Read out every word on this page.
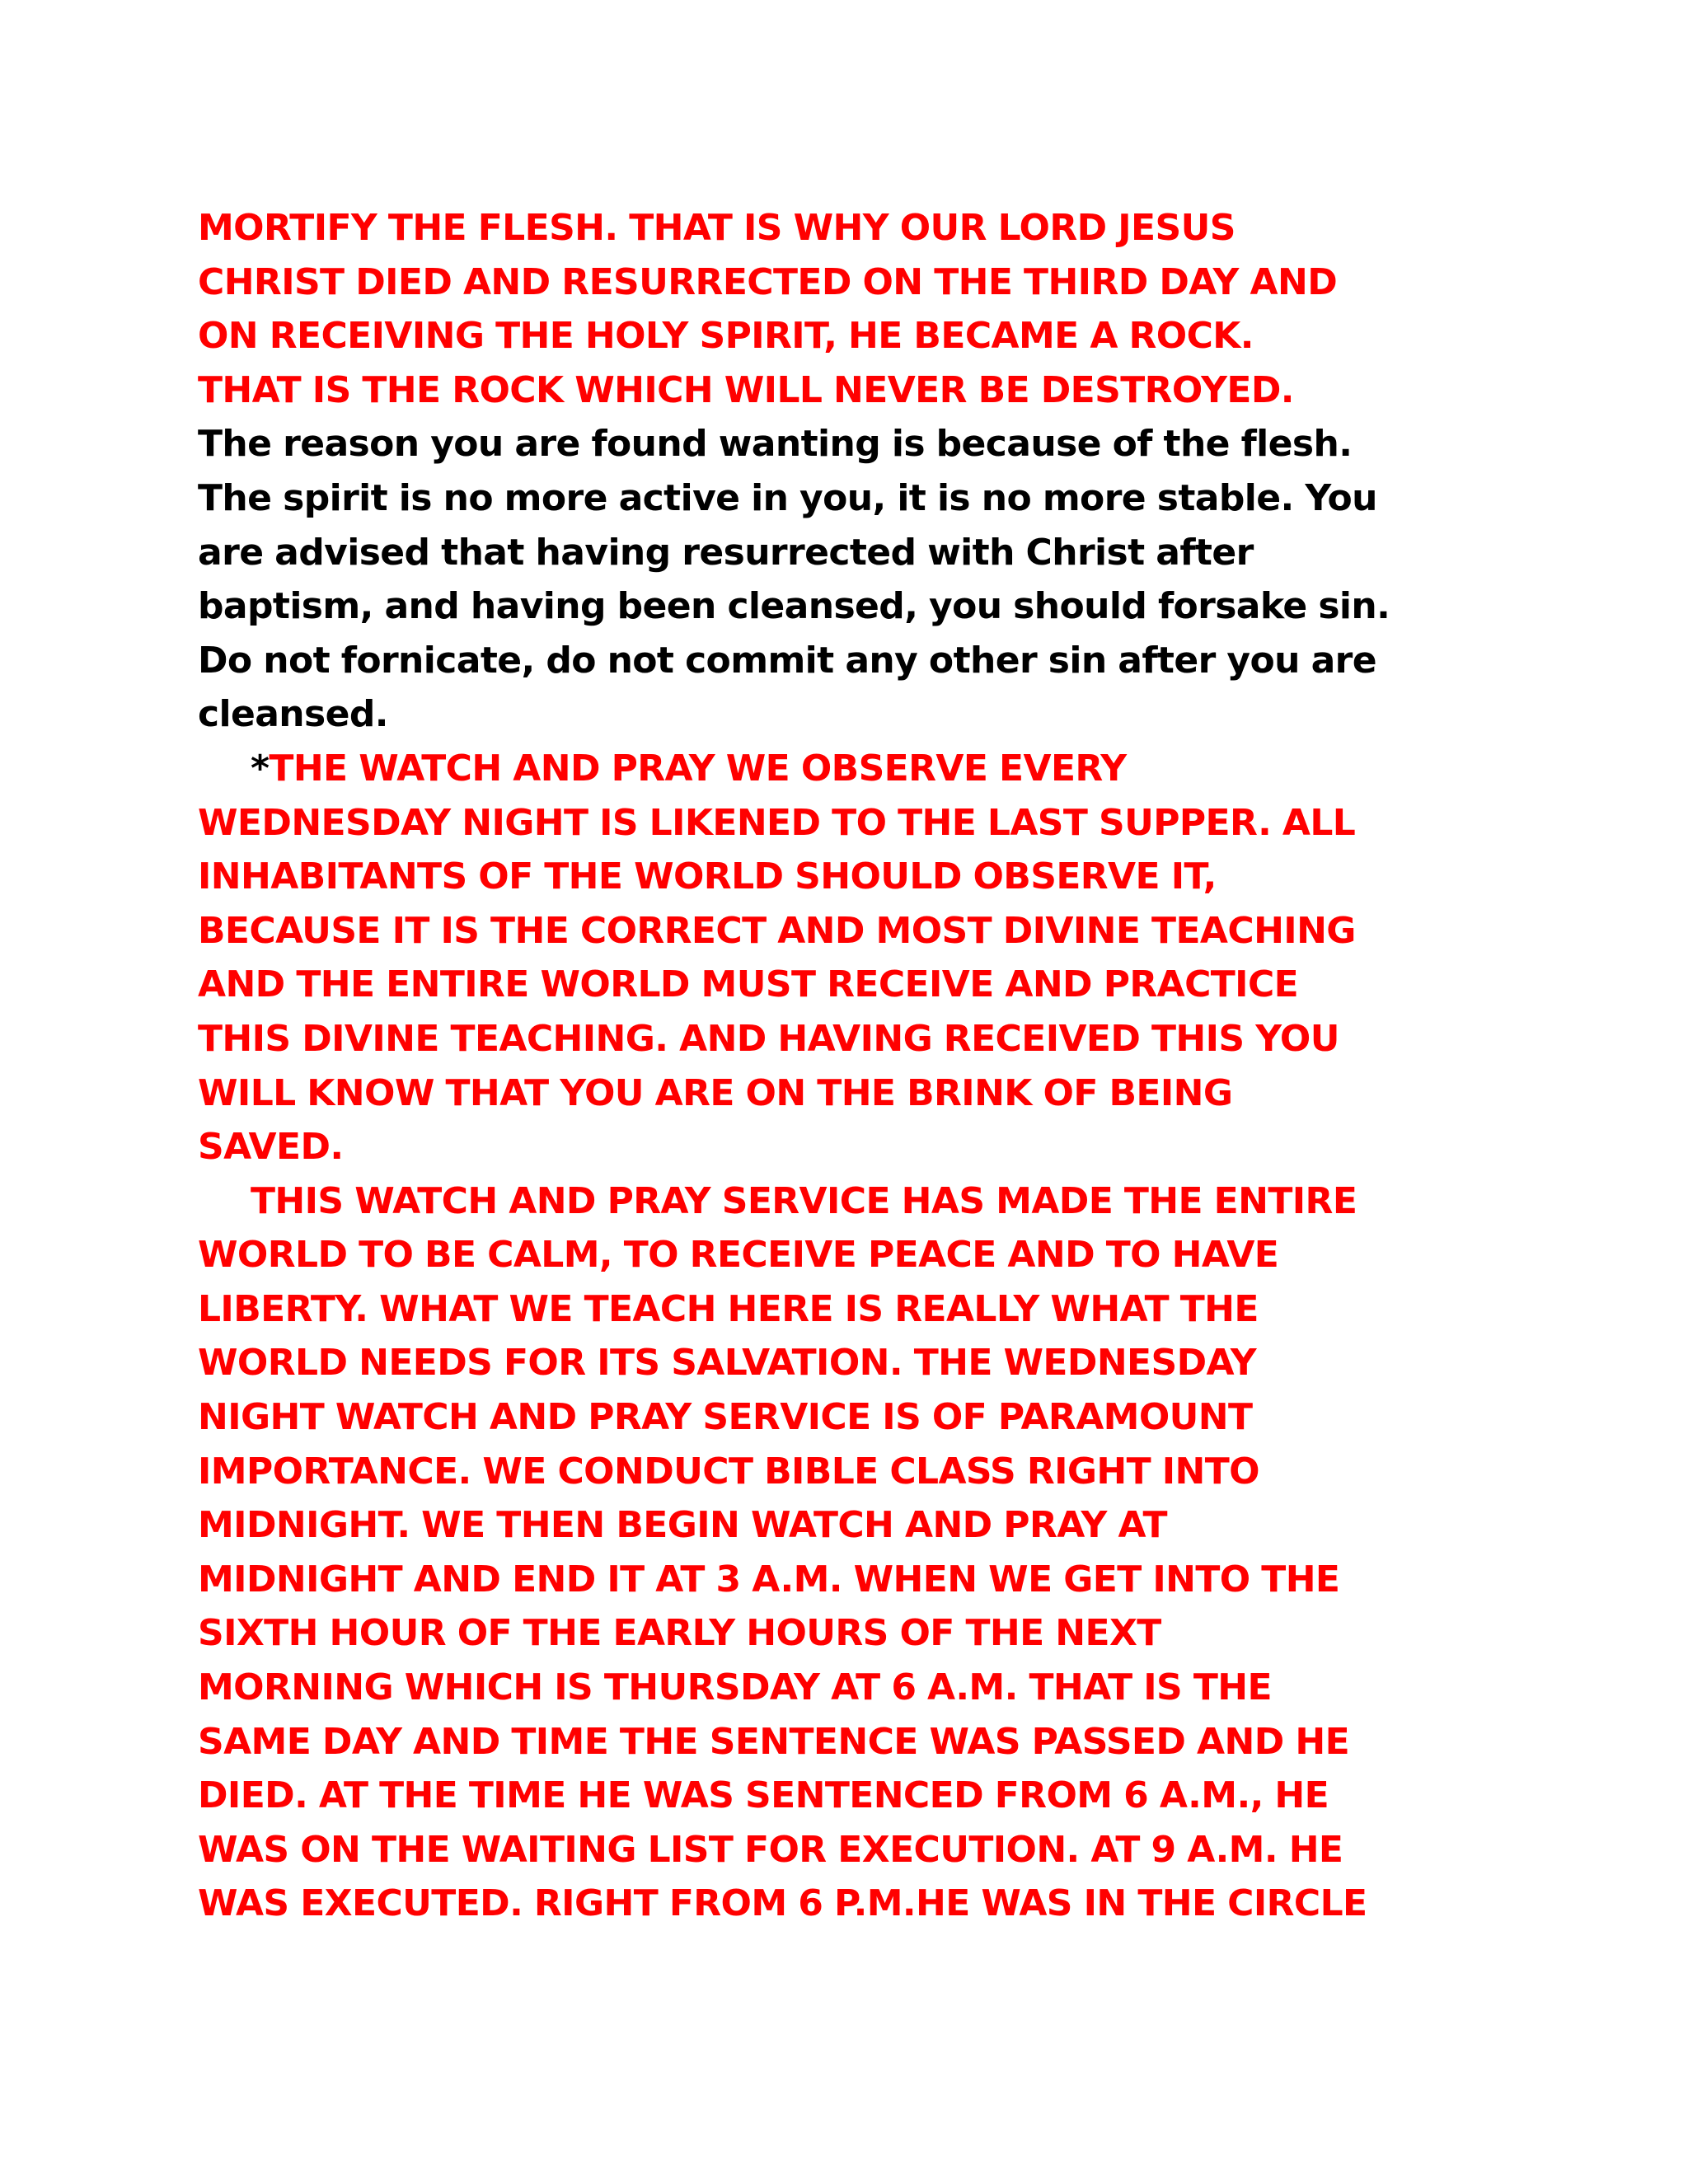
MORTIFY THE FLESH. THAT IS WHY OUR LORD JESUS
CHRIST DIED AND RESURRECTED ON THE THIRD DAY AND
ON RECEIVING THE HOLY SPIRIT, HE BECAME A ROCK.
THAT IS THE ROCK WHICH WILL NEVER BE DESTROYED.
The reason you are found wanting is because of the flesh.
The spirit is no more active in you, it is no more stable. You
are advised that having resurrected with Christ after
baptism, and having been cleansed, you should forsake sin.
Do not fornicate, do not commit any other sin after you are
cleansed.
*THE WATCH AND PRAY WE OBSERVE EVERY
WEDNESDAY NIGHT IS LIKENED TO THE LAST SUPPER. ALL
INHABITANTS OF THE WORLD SHOULD OBSERVE IT,
BECAUSE IT IS THE CORRECT AND MOST DIVINE TEACHING
AND THE ENTIRE WORLD MUST RECEIVE AND PRACTICE
THIS DIVINE TEACHING. AND HAVING RECEIVED THIS YOU
WILL KNOW THAT YOU ARE ON THE BRINK OF BEING
SAVED.
THIS WATCH AND PRAY SERVICE HAS MADE THE ENTIRE
WORLD TO BE CALM, TO RECEIVE PEACE AND TO HAVE
LIBERTY. WHAT WE TEACH HERE IS REALLY WHAT THE
WORLD NEEDS FOR ITS SALVATION. THE WEDNESDAY
NIGHT WATCH AND PRAY SERVICE IS OF PARAMOUNT
IMPORTANCE. WE CONDUCT BIBLE CLASS RIGHT INTO
MIDNIGHT. WE THEN BEGIN WATCH AND PRAY AT
MIDNIGHT AND END IT AT 3 A.M. WHEN WE GET INTO THE
SIXTH HOUR OF THE EARLY HOURS OF THE NEXT
MORNING WHICH IS THURSDAY AT 6 A.M. THAT IS THE
SAME DAY AND TIME THE SENTENCE WAS PASSED AND HE
DIED. AT THE TIME HE WAS SENTENCED FROM 6 A.M., HE
WAS ON THE WAITING LIST FOR EXECUTION. AT 9 A.M. HE
WAS EXECUTED. RIGHT FROM 6 P.M.HE WAS IN THE CIRCLE
